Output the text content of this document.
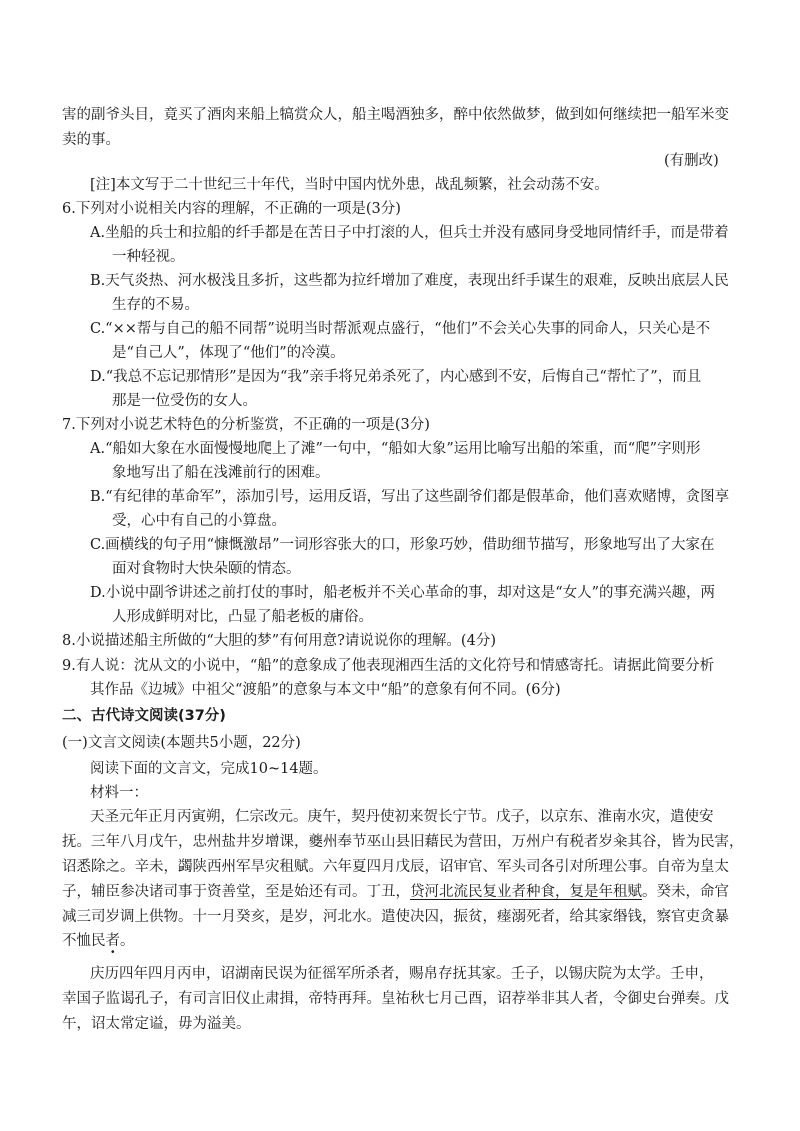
害的副爷头目，竟买了酒肉来船上犒赏众人，船主喝酒独多，醉中依然做梦，做到如何继续把一船军米变
卖的事。
(有删改)
[注]本文写于二十世纪三十年代，当时中国内忧外患，战乱频繁，社会动荡不安。
6.下列对小说相关内容的理解，不正确的一项是(3分)
A.坐船的兵士和拉船的纤手都是在苦日子中打滚的人，但兵士并没有感同身受地同情纤手，而是带着
一种轻视。
B.天气炎热、河水极浅且多折，这些都为拉纤增加了难度，表现出纤手谋生的艰难，反映出底层人民
生存的不易。
C.“××帮与自己的船不同帮”说明当时帮派观点盛行，“他们”不会关心失事的同命人，只关心是不
是“自己人”，体现了“他们”的冷漠。
D.“我总不忘记那情形”是因为“我”亲手将兄弟杀死了，内心感到不安，后悔自己“帮忙了”，而且
那是一位受伤的女人。
7.下列对小说艺术特色的分析鉴赏，不正确的一项是(3分)
A.“船如大象在水面慢慢地爬上了滩”一句中，“船如大象”运用比喻写出船的笨重，而“爬”字则形
象地写出了船在浅滩前行的困难。
B.“有纪律的革命军”，添加引号，运用反语，写出了这些副爷们都是假革命，他们喜欢赌博，贪图享
受，心中有自己的小算盘。
C.画横线的句子用“慷慨激昂”一词形容张大的口，形象巧妙，借助细节描写，形象地写出了大家在
面对食物时大快朵颐的情态。
D.小说中副爷讲述之前打仗的事时，船老板并不关心革命的事，却对这是“女人”的事充满兴趣，两
人形成鲜明对比，凸显了船老板的庸俗。
8.小说描述船主所做的“大胆的梦”有何用意?请说说你的理解。(4分)
9.有人说：沈从文的小说中，“船”的意象成了他表现湘西生活的文化符号和情感寄托。请据此简要分析
其作品《边城》中祖父“渡船”的意象与本文中“船”的意象有何不同。(6分)
二、古代诗文阅读(37分)
(一)文言文阅读(本题共5小题，22分)
阅读下面的文言文，完成10~14题。
材料一：
天圣元年正月丙寅朔，仁宗改元。庚午，契丹使初来贺长宁节。戊子，以京东、淮南水灾，遣使安
抚。三年八月戊午，忠州盐井岁增课，夔州奉节巫山县旧藉民为营田，万州户有税者岁籴其谷，皆为民害，
诏悉除之。辛未，蠲陕西州军旱灾租赋。六年夏四月戊辰，诏审官、军头司各引对所理公事。自帝为皇太
子，辅臣参决诸司事于资善堂，至是始还有司。丁丑，贷河北流民复业者种食，复是年租赋。癸未，命官
减三司岁调上供物。十一月癸亥，是岁，河北水。遣使决囚，振贫，瘗溺死者，给其家缗钱，察官吏贪暴
不恤民者。
庆历四年四月丙申，诏湖南民误为征徭军所杀者，赐帛存抚其家。壬子，以锡庆院为太学。壬申，
幸国子监谒孔子，有司言旧仪止肃揖，帝特再拜。皇祐秋七月己酉，诏荐举非其人者，令御史台弹奏。戊
午，诏太常定谥，毋为溢美。
